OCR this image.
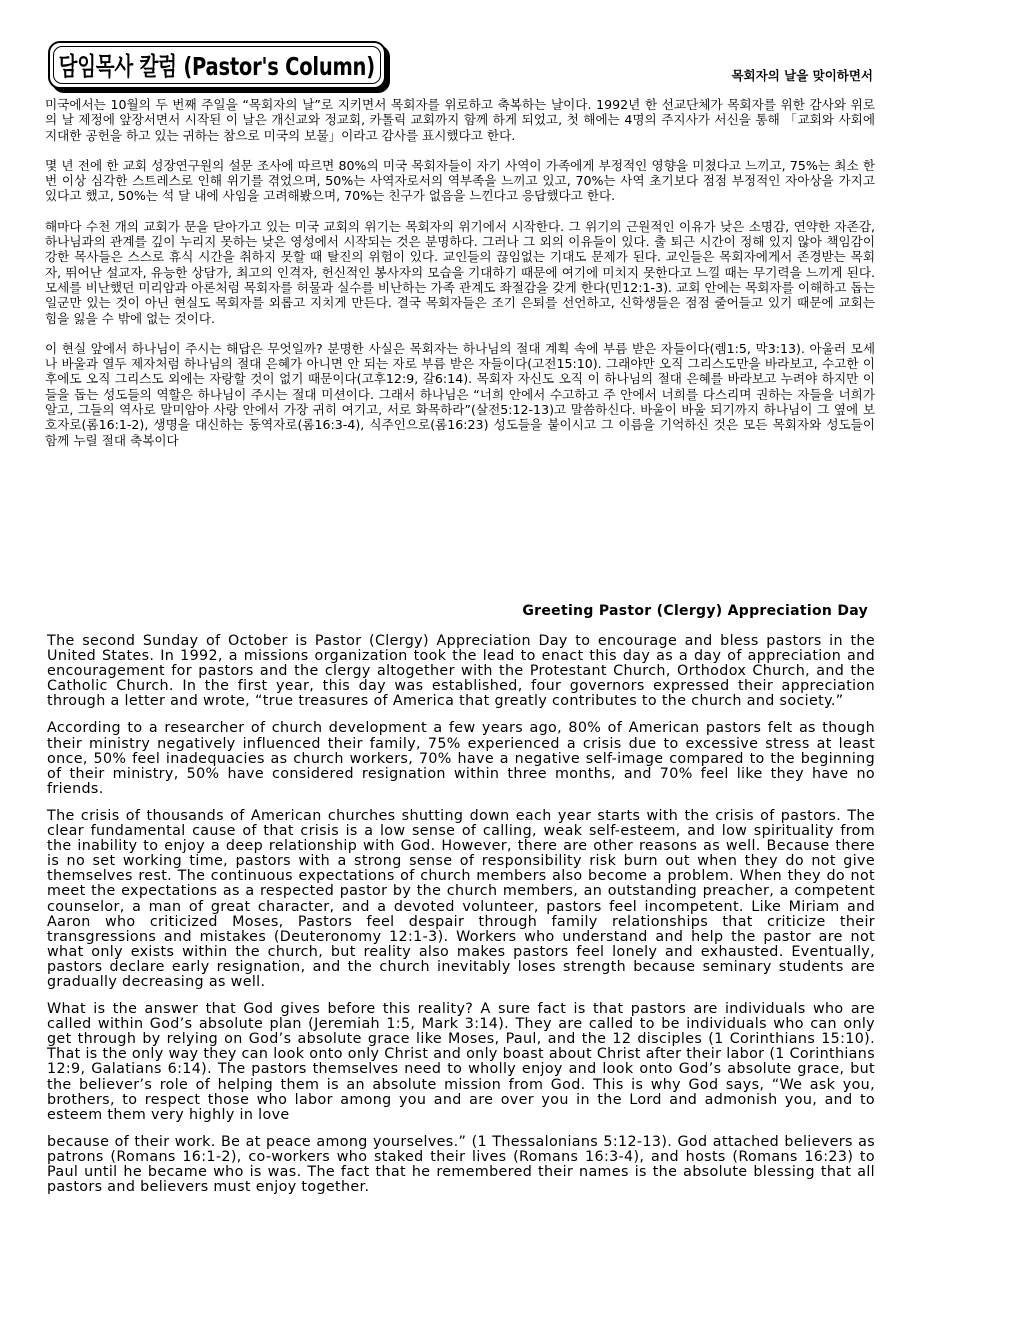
담임목사 칼럼 (Pastor's Column)	목회자의 날을 맞이하면서

미국에서는 10월의 두 번째 주일을 “목회자의 날”로 지키면서 목회자를 위로하고 축복하는 날이다. 1992년 한 선교단체가 목회자를 위한 감사와 위로의 날 제정에 앞장서면서 시작된 이 날은 개신교와 정교회, 카톨릭 교회까지 함께 하게 되었고, 첫 해에는 4명의 주지사가 서신을 통해 「교회와 사회에 지대한 공헌을 하고 있는 귀하는 참으로 미국의 보물」이라고 감사를 표시했다고 한다.

몇 년 전에 한 교회 성장연구원의 설문 조사에 따르면 80%의 미국 목회자들이 자기 사역이 가족에게 부정적인 영향을 미쳤다고 느끼고, 75%는 최소 한 번 이상 심각한 스트레스로 인해 위기를 겪었으며, 50%는 사역자로서의 역부족을 느끼고 있고, 70%는 사역 초기보다 점점 부정적인 자아상을 가지고 있다고 했고, 50%는 석 달 내에 사임을 고려해봤으며, 70%는 친구가 없음을 느낀다고 응답했다고 한다.

해마다 수천 개의 교회가 문을 닫아가고 있는 미국 교회의 위기는 목회자의 위기에서 시작한다. 그 위기의 근원적인 이유가 낮은 소명감, 연약한 자존감, 하나님과의 관계를 깊이 누리지 못하는 낮은 영성에서 시작되는 것은 분명하다. 그러나 그 외의 이유들이 있다. 출 퇴근 시간이 정해 있지 않아 책임감이 강한 목사들은 스스로 휴식 시간을 취하지 못할 때 탈진의 위험이 있다. 교인들의 끊임없는 기대도 문제가 된다. 교인들은 목회자에게서 존경받는 목회자, 뛰어난 설교자, 유능한 상담가, 최고의 인격자, 헌신적인 봉사자의 모습을 기대하기 때문에 여기에 미치지 못한다고 느낄 때는 무기력을 느끼게 된다. 모세를 비난했던 미리암과 아론처럼 목회자를 허물과 실수를 비난하는 가족 관계도 좌절감을 갖게 한다(민12:1-3). 교회 안에는 목회자를 이해하고 돕는 일군만 있는 것이 아닌 현실도 목회자를 외롭고 지치게 만든다. 결국 목회자들은 조기 은퇴를 선언하고, 신학생들은 점점 줄어들고 있기 때문에 교회는 힘을 잃을 수 밖에 없는 것이다.

이 현실 앞에서 하나님이 주시는 해답은 무엇일까? 분명한 사실은 목회자는 하나님의 절대 계획 속에 부름 받은 자들이다(렘1:5, 막3:13). 아울러 모세나 바울과 열두 제자처럼 하나님의 절대 은혜가 아니면 안 되는 자로 부름 받은 자들이다(고전15:10). 그래야만 오직 그리스도만을 바라보고, 수고한 이후에도 오직 그리스도 외에는 자랑할 것이 없기 때문이다(고후12:9, 갈6:14). 목회자 자신도 오직 이 하나님의 절대 은혜를 바라보고 누려야 하지만 이들을 돕는 성도들의 역할은 하나님이 주시는 절대 미션이다. 그래서 하나님은 “너희 안에서 수고하고 주 안에서 너희를 다스리며 권하는 자들을 너희가 알고, 그들의 역사로 말미암아 사랑 안에서 가장 귀히 여기고, 서로 화목하라”(살전5:12-13)고 말씀하신다. 바울이 바울 되기까지 하나님이 그 옆에 보호자로(롬16:1-2), 생명을 대신하는 동역자로(롬16:3-4), 식주인으로(롬16:23) 성도들을 붙이시고 그 이름을 기억하신 것은 모든 목회자와 성도들이 함께 누릴 절대 축복이다

Greeting Pastor (Clergy) Appreciation Day

The second Sunday of October is Pastor (Clergy) Appreciation Day to encourage and bless pastors in the United States. In 1992, a missions organization took the lead to enact this day as a day of appreciation and encouragement for pastors and the clergy altogether with the Protestant Church, Orthodox Church, and the Catholic Church. In the first year, this day was established, four governors expressed their appreciation through a letter and wrote, “true treasures of America that greatly contributes to the church and society.”

According to a researcher of church development a few years ago, 80% of American pastors felt as though their ministry negatively influenced their family, 75% experienced a crisis due to excessive stress at least once, 50% feel inadequacies as church workers, 70% have a negative self-image compared to the beginning of their ministry, 50% have considered resignation within three months, and 70% feel like they have no friends.

The crisis of thousands of American churches shutting down each year starts with the crisis of pastors. The clear fundamental cause of that crisis is a low sense of calling, weak self-esteem, and low spirituality from the inability to enjoy a deep relationship with God. However, there are other reasons as well. Because there is no set working time, pastors with a strong sense of responsibility risk burn out when they do not give themselves rest. The continuous expectations of church members also become a problem. When they do not meet the expectations as a respected pastor by the church members, an outstanding preacher, a competent counselor, a man of great character, and a devoted volunteer, pastors feel incompetent. Like Miriam and Aaron who criticized Moses, Pastors feel despair through family relationships that criticize their transgressions and mistakes (Deuteronomy 12:1-3). Workers who understand and help the pastor are not what only exists within the church, but reality also makes pastors feel lonely and exhausted. Eventually, pastors declare early resignation, and the church inevitably loses strength because seminary students are gradually decreasing as well.

What is the answer that God gives before this reality? A sure fact is that pastors are individuals who are called within God’s absolute plan (Jeremiah 1:5, Mark 3:14). They are called to be individuals who can only get through by relying on God’s absolute grace like Moses, Paul, and the 12 disciples (1 Corinthians 15:10). That is the only way they can look onto only Christ and only boast about Christ after their labor (1 Corinthians 12:9, Galatians 6:14). The pastors themselves need to wholly enjoy and look onto God’s absolute grace, but the believer’s role of helping them is an absolute mission from God. This is why God says, “We ask you, brothers, to respect those who labor among you and are over you in the Lord and admonish you, and to esteem them very highly in love

because of their work. Be at peace among yourselves.” (1 Thessalonians 5:12-13). God attached believers as patrons (Romans 16:1-2), co-workers who staked their lives (Romans 16:3-4), and hosts (Romans 16:23) to Paul until he became who is was. The fact that he remembered their names is the absolute blessing that all pastors and believers must enjoy together.
